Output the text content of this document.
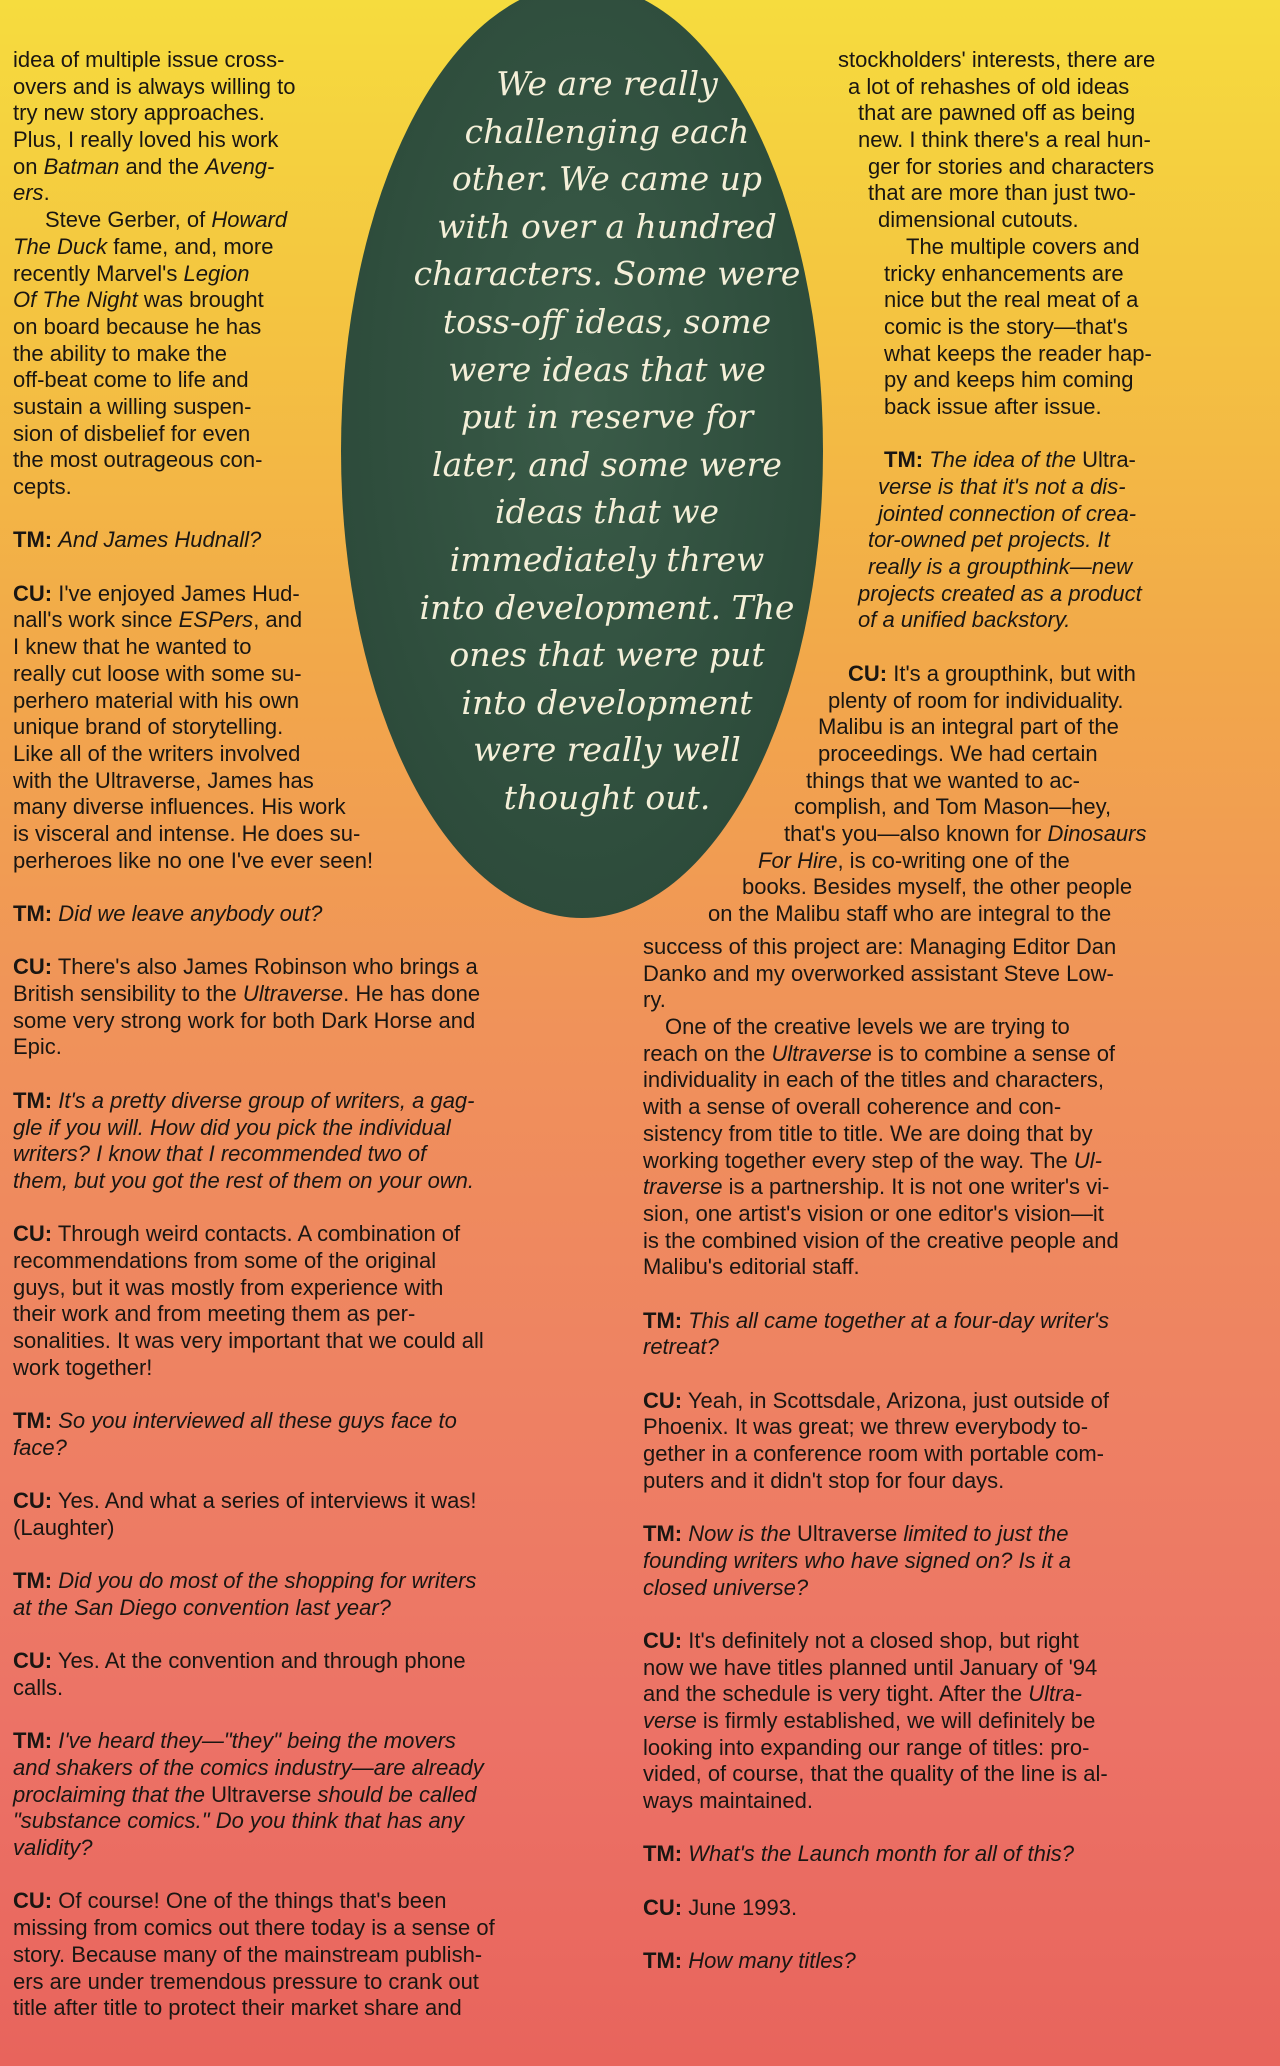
We are really
challenging each
other. We came up
with over a hundred
characters. Some were
toss-off ideas, some
were ideas that we
put in reserve for
later, and some were
ideas that we
immediately threw
into development. The
ones that were put
into development
were really well
thought out.

idea of multiple issue cross-
overs and is always willing to
try new story approaches.
Plus, I really loved his work
on Batman and the Aveng-
ers.
Steve Gerber, of Howard
The Duck fame, and, more
recently Marvel's Legion
Of The Night was brought
on board because he has
the ability to make the
off-beat come to life and
sustain a willing suspen-
sion of disbelief for even
the most outrageous con-
cepts.
TM: And James Hudnall?
CU: I've enjoyed James Hud-
nall's work since ESPers, and
I knew that he wanted to
really cut loose with some su-
perhero material with his own
unique brand of storytelling.
Like all of the writers involved
with the Ultraverse, James has
many diverse influences. His work
is visceral and intense. He does su-
perheroes like no one I've ever seen!
TM: Did we leave anybody out?
CU: There's also James Robinson who brings a
British sensibility to the Ultraverse. He has done
some very strong work for both Dark Horse and
Epic.
TM: It's a pretty diverse group of writers, a gag-
gle if you will. How did you pick the individual
writers? I know that I recommended two of
them, but you got the rest of them on your own.
CU: Through weird contacts. A combination of
recommendations from some of the original
guys, but it was mostly from experience with
their work and from meeting them as per-
sonalities. It was very important that we could all
work together!
TM: So you interviewed all these guys face to
face?
CU: Yes. And what a series of interviews it was!
(Laughter)
TM: Did you do most of the shopping for writers
at the San Diego convention last year?
CU: Yes. At the convention and through phone
calls.
TM: I've heard they—"they" being the movers
and shakers of the comics industry—are already
proclaiming that the Ultraverse should be called
"substance comics." Do you think that has any
validity?
CU: Of course! One of the things that's been
missing from comics out there today is a sense of
story. Because many of the mainstream publish-
ers are under tremendous pressure to crank out
title after title to protect their market share and
stockholders' interests, there are
a lot of rehashes of old ideas
that are pawned off as being
new. I think there's a real hun-
ger for stories and characters
that are more than just two-
dimensional cutouts.
The multiple covers and
tricky enhancements are
nice but the real meat of a
comic is the story—that's
what keeps the reader hap-
py and keeps him coming
back issue after issue.
TM: The idea of the Ultra-
verse is that it's not a dis-
jointed connection of crea-
tor-owned pet projects. It
really is a groupthink—new
projects created as a product
of a unified backstory.
CU: It's a groupthink, but with
plenty of room for individuality.
Malibu is an integral part of the
proceedings. We had certain
things that we wanted to ac-
complish, and Tom Mason—hey,
that's you—also known for Dinosaurs
For Hire, is co-writing one of the
books. Besides myself, the other people
on the Malibu staff who are integral to the
success of this project are: Managing Editor Dan
Danko and my overworked assistant Steve Low-
ry.
One of the creative levels we are trying to
reach on the Ultraverse is to combine a sense of
individuality in each of the titles and characters,
with a sense of overall coherence and con-
sistency from title to title. We are doing that by
working together every step of the way. The Ul-
traverse is a partnership. It is not one writer's vi-
sion, one artist's vision or one editor's vision—it
is the combined vision of the creative people and
Malibu's editorial staff.
TM: This all came together at a four-day writer's
retreat?
CU: Yeah, in Scottsdale, Arizona, just outside of
Phoenix. It was great; we threw everybody to-
gether in a conference room with portable com-
puters and it didn't stop for four days.
TM: Now is the Ultraverse limited to just the
founding writers who have signed on? Is it a
closed universe?
CU: It's definitely not a closed shop, but right
now we have titles planned until January of '94
and the schedule is very tight. After the Ultra-
verse is firmly established, we will definitely be
looking into expanding our range of titles: pro-
vided, of course, that the quality of the line is al-
ways maintained.
TM: What's the Launch month for all of this?
CU: June 1993.
TM: How many titles?
